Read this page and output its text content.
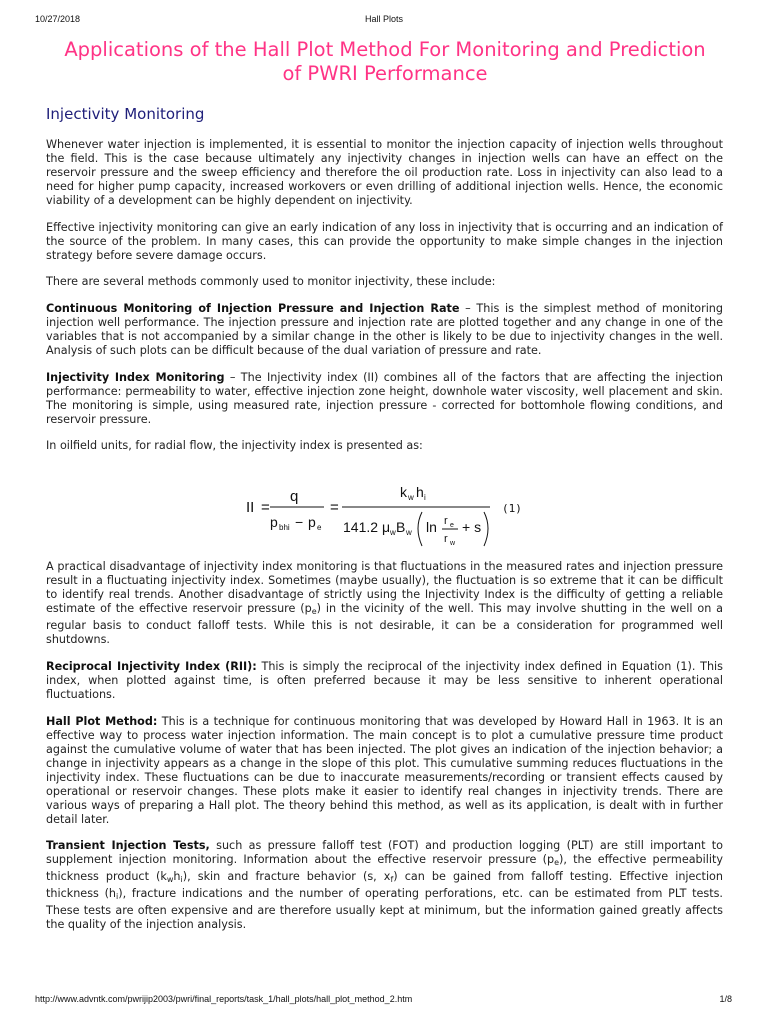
10/27/2018	Hall Plots
Applications of the Hall Plot Method For Monitoring and Prediction of PWRI Performance
Injectivity Monitoring

Whenever water injection is implemented, it is essential to monitor the injection capacity of injection wells throughout the field. This is the case because ultimately any injectivity changes in injection wells can have an effect on the reservoir pressure and the sweep efficiency and therefore the oil production rate. Loss in injectivity can also lead to a need for higher pump capacity, increased workovers or even drilling of additional injection wells. Hence, the economic viability of a development can be highly dependent on injectivity.

Effective injectivity monitoring can give an early indication of any loss in injectivity that is occurring and an indication of the source of the problem. In many cases, this can provide the opportunity to make simple changes in the injection strategy before severe damage occurs.

There are several methods commonly used to monitor injectivity, these include:

Continuous Monitoring of Injection Pressure and Injection Rate – This is the simplest method of monitoring injection well performance. The injection pressure and injection rate are plotted together and any change in one of the variables that is not accompanied by a similar change in the other is likely to be due to injectivity changes in the well. Analysis of such plots can be difficult because of the dual variation of pressure and rate.

Injectivity Index Monitoring – The Injectivity index (II) combines all of the factors that are affecting the injection performance: permeability to water, effective injection zone height, downhole water viscosity, well placement and skin. The monitoring is simple, using measured rate, injection pressure - corrected for bottomhole flowing conditions, and reservoir pressure.

In oilfield units, for radial flow, the injectivity index is presented as:

II =
q
p bhi − p e
=
k w h i
141.2 μ w B w ln r e
r w
+ s
(1)

A practical disadvantage of injectivity index monitoring is that fluctuations in the measured rates and injection pressure result in a fluctuating injectivity index. Sometimes (maybe usually), the fluctuation is so extreme that it can be difficult to identify real trends. Another disadvantage of strictly using the Injectivity Index is the difficulty of getting a reliable estimate of the effective reservoir pressure $(p_e)$ in the vicinity of the well. This may involve shutting in the well on a regular basis to conduct falloff tests. While this is not desirable, it can be a consideration for programmed well shutdowns.

Reciprocal Injectivity Index (RII): This is simply the reciprocal of the injectivity index defined in Equation (1). This index, when plotted against time, is often preferred because it may be less sensitive to inherent operational fluctuations.

Hall Plot Method: This is a technique for continuous monitoring that was developed by Howard Hall in 1963. It is an effective way to process water injection information. The main concept is to plot a cumulative pressure time product against the cumulative volume of water that has been injected. The plot gives an indication of the injection behavior; a change in injectivity appears as a change in the slope of this plot. This cumulative summing reduces fluctuations in the injectivity index. These fluctuations can be due to inaccurate measurements/recording or transient effects caused by operational or reservoir changes. These plots make it easier to identify real changes in injectivity trends. There are various ways of preparing a Hall plot. The theory behind this method, as well as its application, is dealt with in further detail later.

Transient Injection Tests, such as pressure falloff test (FOT) and production logging (PLT) are still important to supplement injection monitoring. Information about the effective reservoir pressure $(p_e)$, the effective permeability thickness product $(k_wh_i)$, skin and fracture behavior (s, $x_f$) can be gained from falloff testing. Effective injection thickness $(h_i)$, fracture indications and the number of operating perforations, etc. can be estimated from PLT tests. These tests are often expensive and are therefore usually kept at minimum, but the information gained greatly affects the quality of the injection analysis.

http://www.advntk.com/pwrijip2003/pwri/final_reports/task_1/hall_plots/hall_plot_method_2.htm	1/8
